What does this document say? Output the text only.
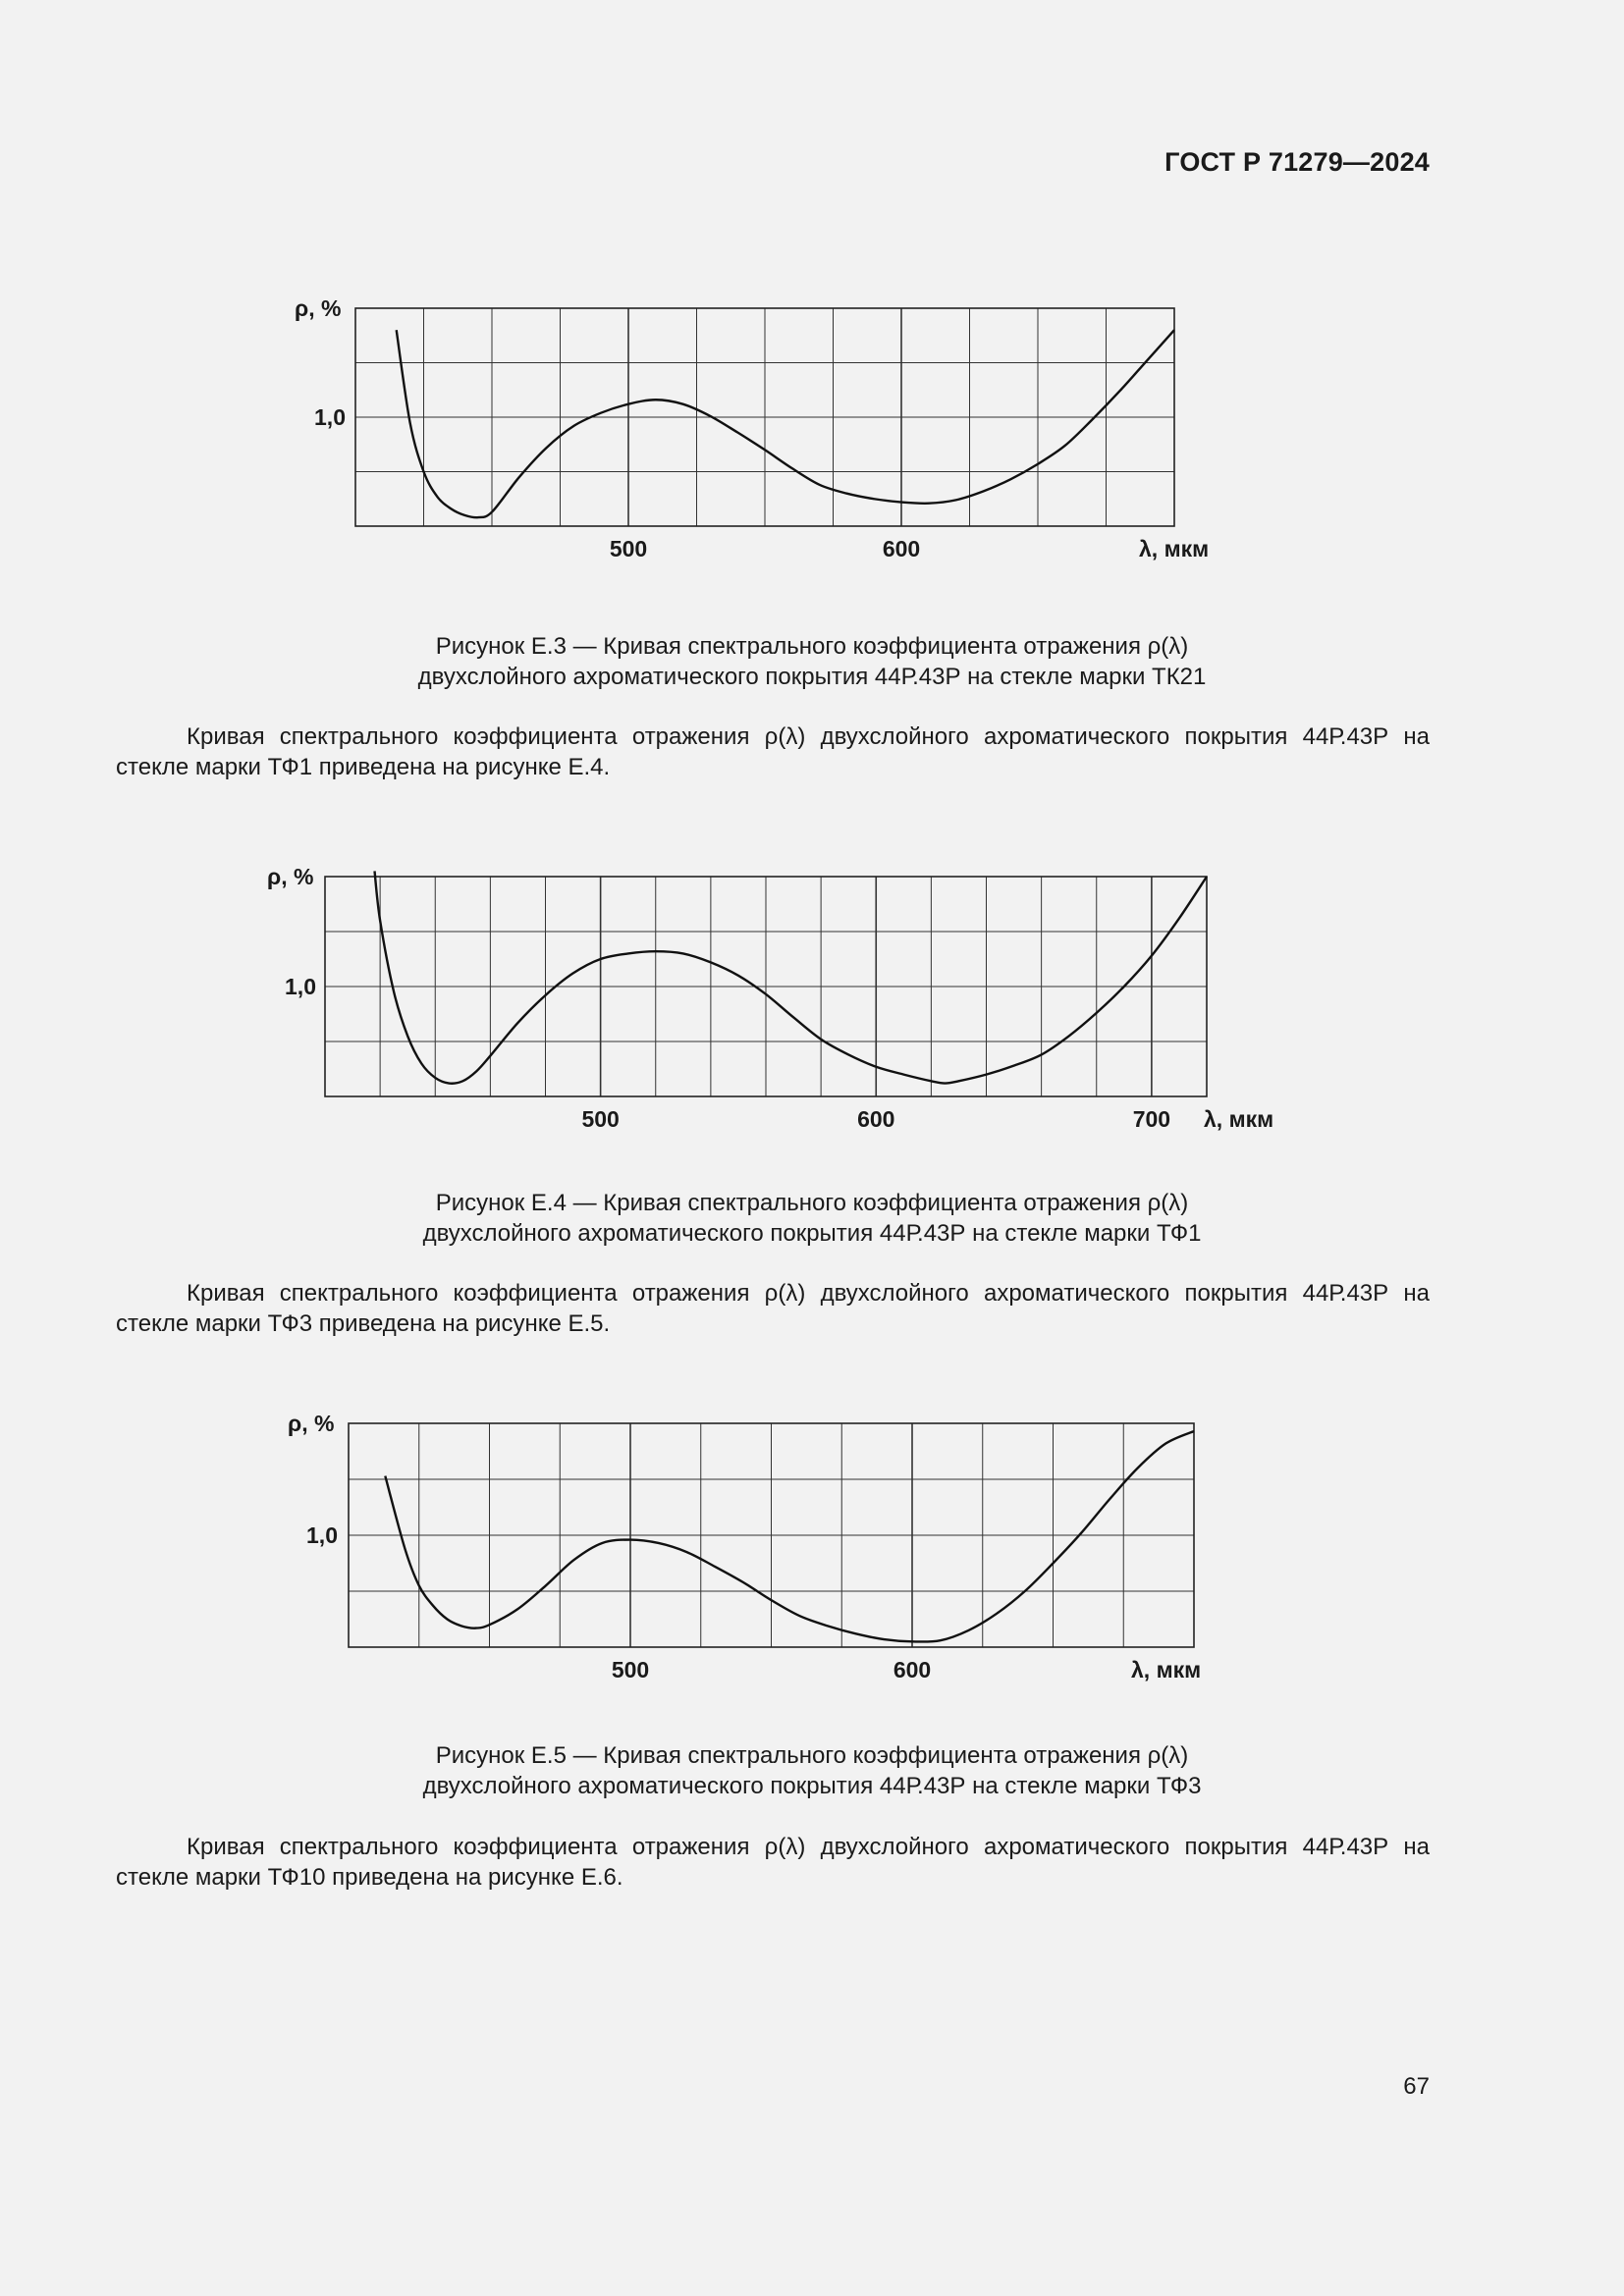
ГОСТ Р 71279—2024
ρ, %
1,0
500	600	λ, мкм
Рисунок Е.3 — Кривая спектрального коэффициента отражения ρ(λ)
двухслойного ахроматического покрытия 44Р.43Р на стекле марки ТК21
Кривая спектрального коэффициента отражения ρ(λ) двухслойного ахроматического покрытия 44Р.43Р на стекле марки ТФ1 приведена на рисунке Е.4.
ρ, %
1,0
500	600	700 λ, мкм
Рисунок Е.4 — Кривая спектрального коэффициента отражения ρ(λ)
двухслойного ахроматического покрытия 44Р.43Р на стекле марки ТФ1
Кривая спектрального коэффициента отражения ρ(λ) двухслойного ахроматического покрытия 44Р.43Р на стекле марки ТФ3 приведена на рисунке Е.5.
ρ, %
1,0
500	600	λ, мкм
Рисунок Е.5 — Кривая спектрального коэффициента отражения ρ(λ)
двухслойного ахроматического покрытия 44Р.43Р на стекле марки ТФ3
Кривая спектрального коэффициента отражения ρ(λ) двухслойного ахроматического покрытия 44Р.43Р на стекле марки ТФ10 приведена на рисунке Е.6.
67
